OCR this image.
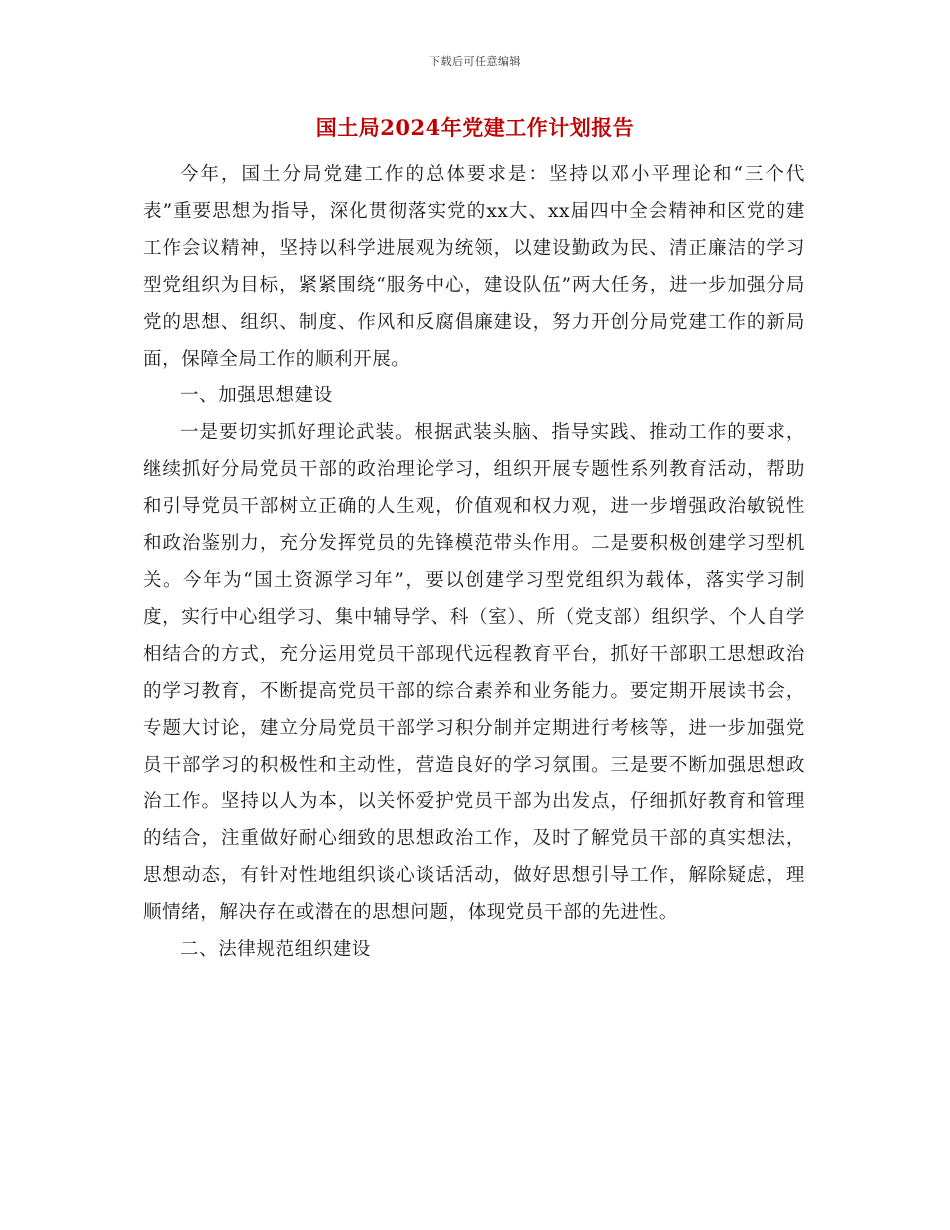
下载后可任意编辑
国土局2024年党建工作计划报告

今年，国土分局党建工作的总体要求是：坚持以邓小平理论和“三个代表”重要思想为指导，深化贯彻落实党的xx大、xx届四中全会精神和区党的建工作会议精神，坚持以科学进展观为统领，以建设勤政为民、清正廉洁的学习型党组织为目标，紧紧围绕“服务中心，建设队伍”两大任务，进一步加强分局党的思想、组织、制度、作风和反腐倡廉建设，努力开创分局党建工作的新局面，保障全局工作的顺利开展。

一、加强思想建设

一是要切实抓好理论武装。根据武装头脑、指导实践、推动工作的要求，继续抓好分局党员干部的政治理论学习，组织开展专题性系列教育活动，帮助和引导党员干部树立正确的人生观，价值观和权力观，进一步增强政治敏锐性和政治鉴别力，充分发挥党员的先锋模范带头作用。二是要积极创建学习型机关。今年为“国土资源学习年”，要以创建学习型党组织为载体，落实学习制度，实行中心组学习、集中辅导学、科（室）、所（党支部）组织学、个人自学相结合的方式，充分运用党员干部现代远程教育平台，抓好干部职工思想政治的学习教育，不断提高党员干部的综合素养和业务能力。要定期开展读书会，专题大讨论，建立分局党员干部学习积分制并定期进行考核等，进一步加强党员干部学习的积极性和主动性，营造良好的学习氛围。三是要不断加强思想政治工作。坚持以人为本，以关怀爱护党员干部为出发点，仔细抓好教育和管理的结合，注重做好耐心细致的思想政治工作，及时了解党员干部的真实想法，思想动态，有针对性地组织谈心谈话活动，做好思想引导工作，解除疑虑，理顺情绪，解决存在或潜在的思想问题，体现党员干部的先进性。

二、法律规范组织建设
